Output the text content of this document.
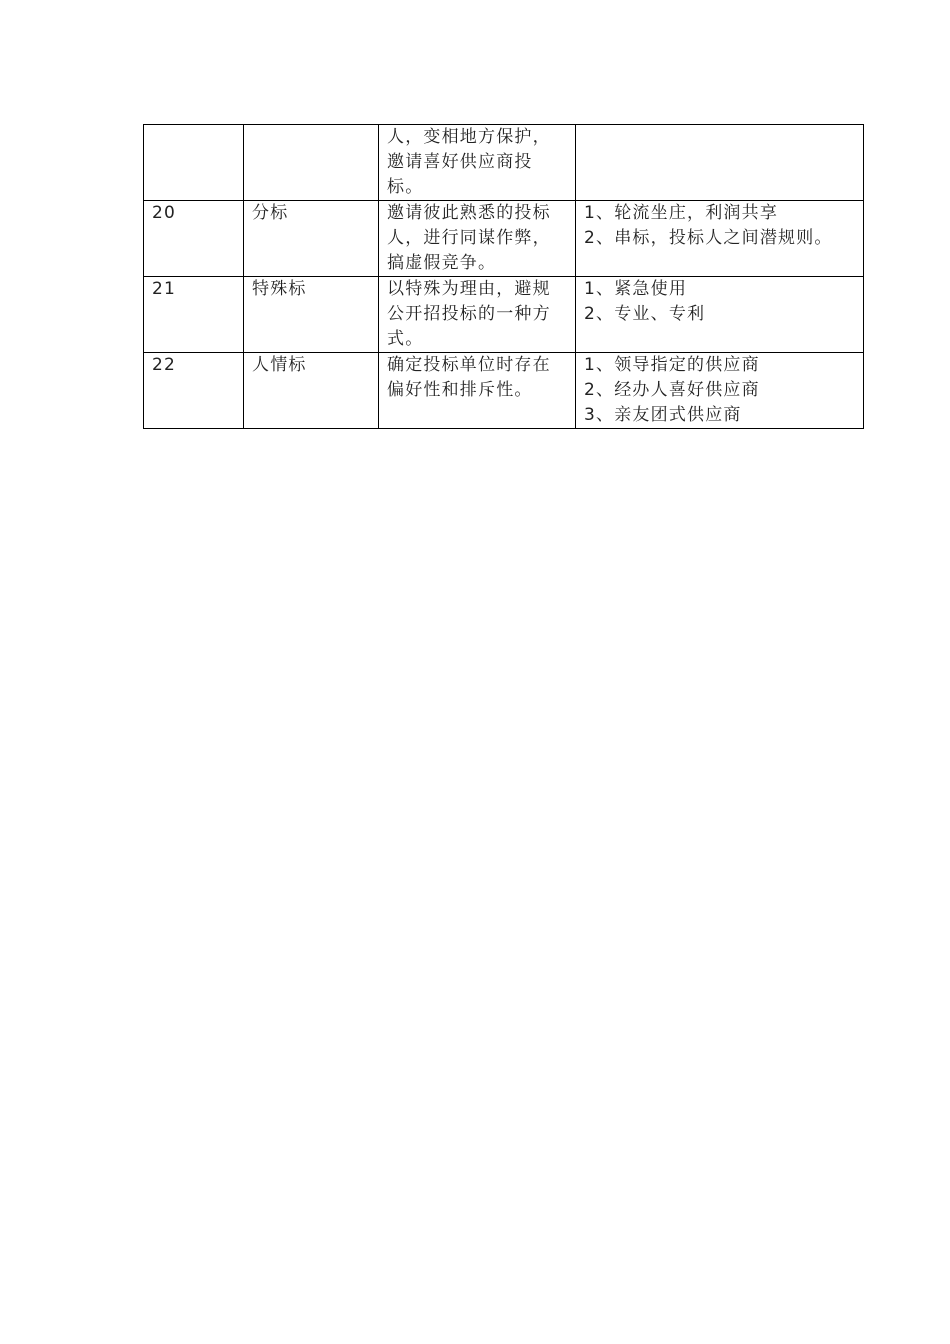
		人，变相地方保护，邀请喜好供应商投标。	

20	分标	邀请彼此熟悉的投标人，进行同谋作弊，搞虚假竞争。	1、轮流坐庄，利润共享
2、串标，投标人之间潜规则。

21	特殊标	以特殊为理由，避规公开招投标的一种方式。	1、紧急使用
2、专业、专利

22	人情标	确定投标单位时存在偏好性和排斥性。	1、领导指定的供应商
2、经办人喜好供应商
3、亲友团式供应商
